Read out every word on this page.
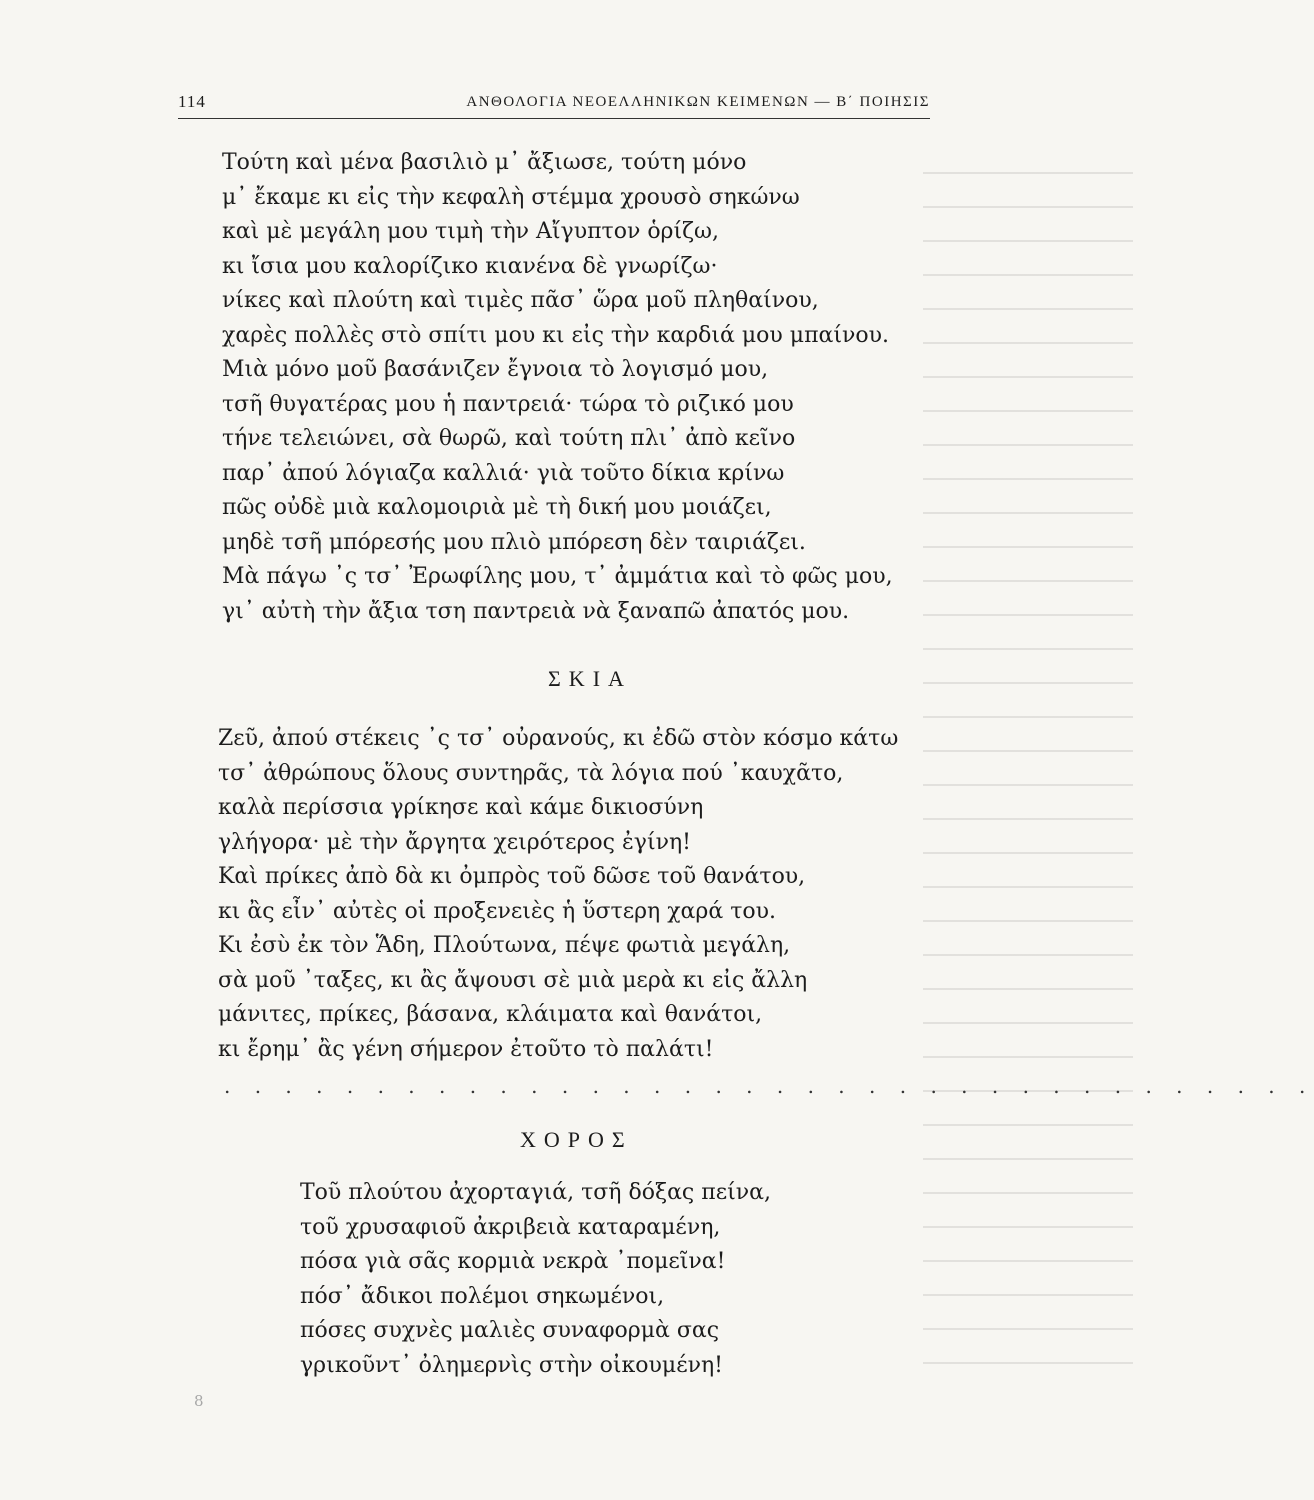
114	ΑΝΘΟΛΟΓΙΑ ΝΕΟΕΛΛΗΝΙΚΩΝ ΚΕΙΜΕΝΩΝ — Β΄ ΠΟΙΗΣΙΣ
Τούτη καὶ μένα βασιλιὸ μ᾽ ἄξιωσε, τούτη μόνο
μ᾽ ἔκαμε κι εἰς τὴν κεφαλὴ στέμμα χρουσὸ σηκώνω
καὶ μὲ μεγάλη μου τιμὴ τὴν Αἴγυπτον ὁρίζω,
κι ἴσια μου καλορίζικο κιανένα δὲ γνωρίζω·
νίκες καὶ πλούτη καὶ τιμὲς πᾶσ᾽ ὥρα μοῦ πληθαίνου,
χαρὲς πολλὲς στὸ σπίτι μου κι εἰς τὴν καρδιά μου μπαίνου.
Μιὰ μόνο μοῦ βασάνιζεν ἔγνοια τὸ λογισμό μου,
τσῆ θυγατέρας μου ἡ παντρειά· τώρα τὸ ριζικό μου
τήνε τελειώνει, σὰ θωρῶ, καὶ τούτη πλι᾽ ἀπὸ κεῖνο
παρ᾽ ἀπού λόγιαζα καλλιά· γιὰ τοῦτο δίκια κρίνω
πῶς οὐδὲ μιὰ καλομοιριὰ μὲ τὴ δική μου μοιάζει,
μηδὲ τσῆ μπόρεσής μου πλιὸ μπόρεση δὲν ταιριάζει.
Μὰ πάγω ᾽ς τσ᾽ Ἐρωφίλης μου, τ᾽ ἀμμάτια καὶ τὸ φῶς μου,
γι᾽ αὐτὴ τὴν ἄξια τση παντρειὰ νὰ ξαναπῶ ἀπατός μου.
ΣΚΙΑ
Ζεῦ, ἀπού στέκεις ᾽ς τσ᾽ οὐρανούς, κι ἐδῶ στὸν κόσμο κάτω
τσ᾽ ἀθρώπους ὅλους συντηρᾶς, τὰ λόγια πού ᾽καυχᾶτο,
καλὰ περίσσια γρίκησε καὶ κάμε δικιοσύνη
γλήγορα· μὲ τὴν ἄργητα χειρότερος ἐγίνη!
Καὶ πρίκες ἀπὸ δὰ κι ὀμπρὸς τοῦ δῶσε τοῦ θανάτου,
κι ἂς εἶν᾽ αὐτὲς οἱ προξενειὲς ἡ ὕστερη χαρά του.
Κι ἐσὺ ἐκ τὸν Ἅδη, Πλούτωνα, πέψε φωτιὰ μεγάλη,
σὰ μοῦ ᾽ταξες, κι ἂς ἄψουσι σὲ μιὰ μερὰ κι εἰς ἄλλη
μάνιτες, πρίκες, βάσανα, κλάιματα καὶ θανάτοι,
κι ἔρημ᾽ ἂς γένη σήμερον ἐτοῦτο τὸ παλάτι!
. . . . . . . . . . . . . . . . . . . . . . . . . . . . . . . . . . . .
ΧΟΡΟΣ
Τοῦ πλούτου ἀχορταγιά, τσῆ δόξας πείνα,
τοῦ χρυσαφιοῦ ἀκριβειὰ καταραμένη,
πόσα γιὰ σᾶς κορμιὰ νεκρὰ ᾽πομεῖνα!
πόσ᾽ ἄδικοι πολέμοι σηκωμένοι,
πόσες συχνὲς μαλιὲς συναφορμὰ σας
γρικοῦντ᾽ ὀλημερνὶς στὴν οἰκουμένη!
8
